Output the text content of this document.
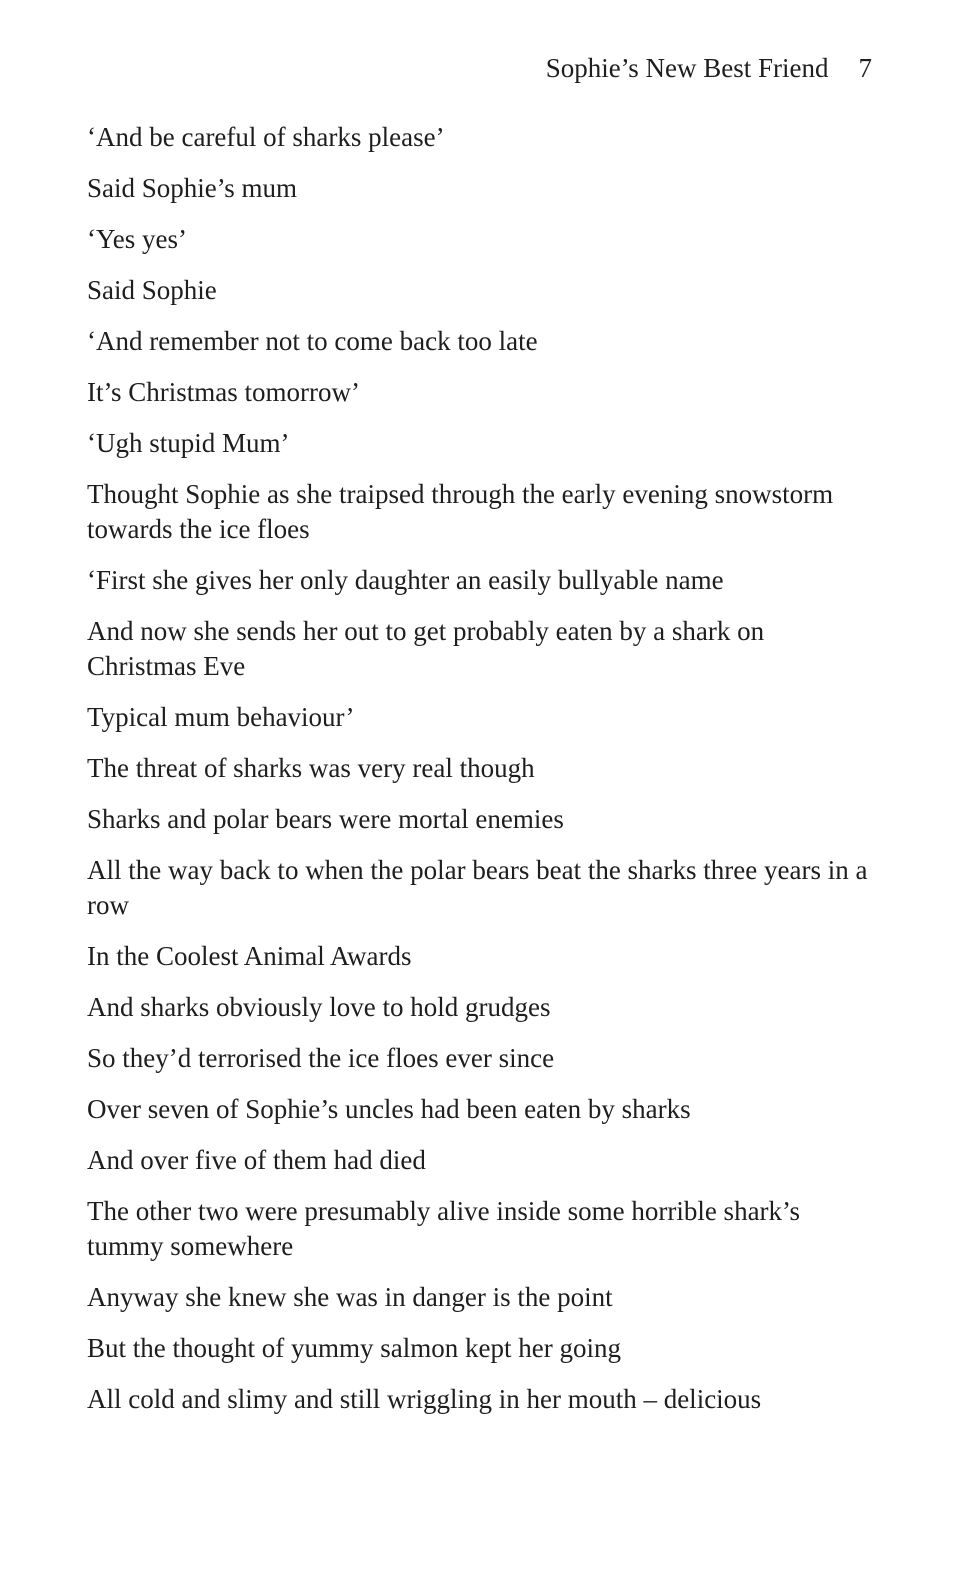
Sophie’s New Best Friend 7

‘And be careful of sharks please’

Said Sophie’s mum

‘Yes yes’

Said Sophie

‘And remember not to come back too late

It’s Christmas tomorrow’

‘Ugh stupid Mum’

Thought Sophie as she traipsed through the early evening snowstorm towards the ice floes

‘First she gives her only daughter an easily bullyable name

And now she sends her out to get probably eaten by a shark on Christmas Eve

Typical mum behaviour’

The threat of sharks was very real though

Sharks and polar bears were mortal enemies

All the way back to when the polar bears beat the sharks three years in a row

In the Coolest Animal Awards

And sharks obviously love to hold grudges

So they’d terrorised the ice floes ever since

Over seven of Sophie’s uncles had been eaten by sharks

And over five of them had died

The other two were presumably alive inside some horrible shark’s tummy somewhere

Anyway she knew she was in danger is the point

But the thought of yummy salmon kept her going

All cold and slimy and still wriggling in her mouth – delicious
